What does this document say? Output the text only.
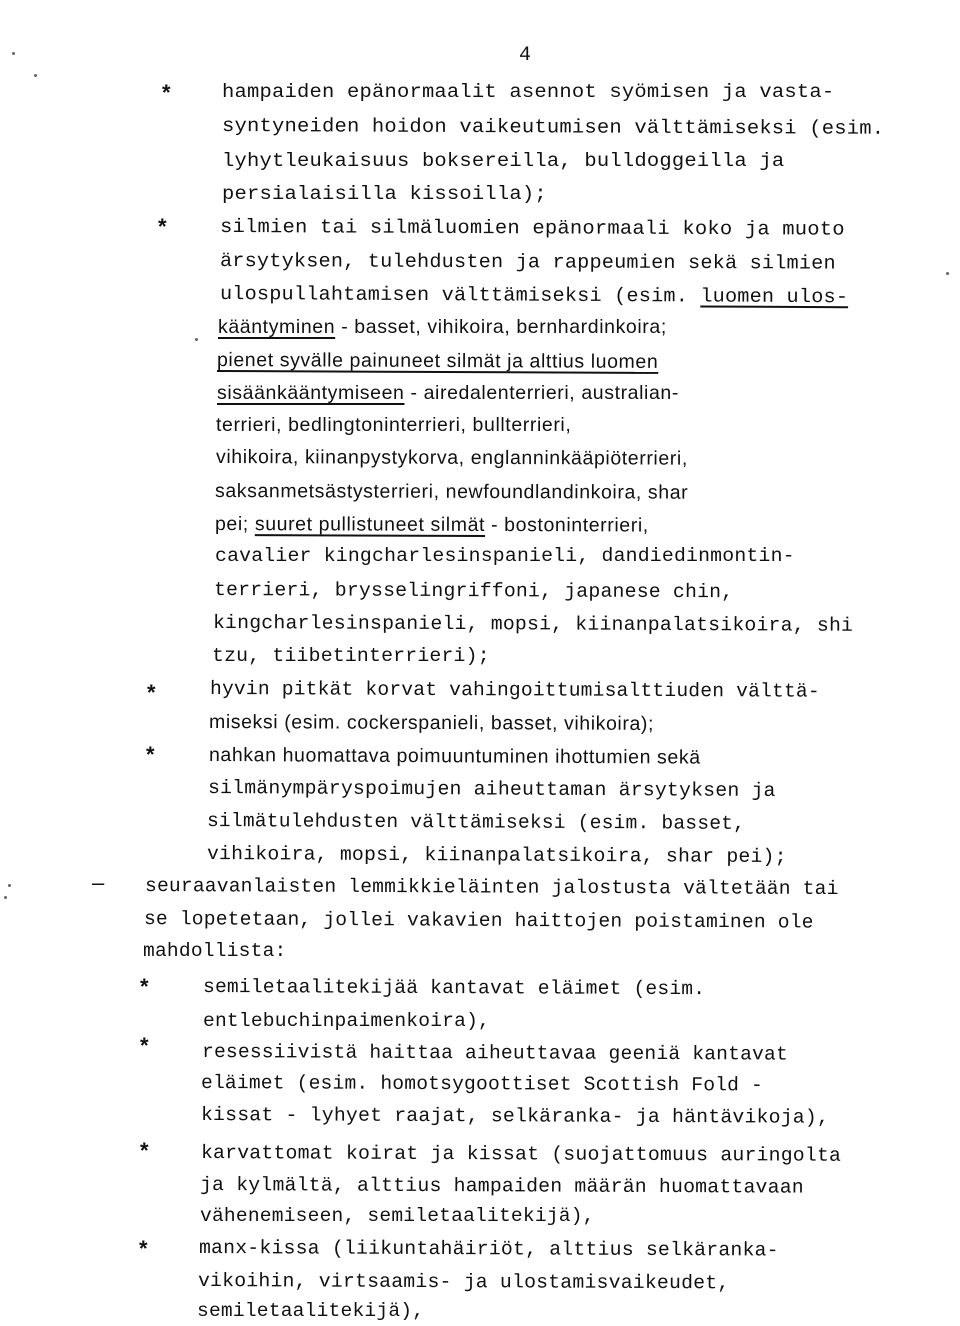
4
*
*
*
*
–
*
*
*
*
hampaiden epänormaalit asennot syömisen ja vasta-
syntyneiden hoidon vaikeutumisen välttämiseksi (esim.
lyhytleukaisuus boksereilla, bulldoggeilla ja
persialaisilla kissoilla);
silmien tai silmäluomien epänormaali koko ja muoto
ärsytyksen, tulehdusten ja rappeumien sekä silmien
ulospullahtamisen välttämiseksi (esim. luomen ulos-
kääntyminen - basset, vihikoira, bernhardinkoira;
pienet syvälle painuneet silmät ja alttius luomen
sisäänkääntymiseen - airedalenterrieri, australian-
terrieri, bedlingtoninterrieri, bullterrieri,
vihikoira, kiinanpystykorva, englanninkääpiöterrieri,
saksanmetsästysterrieri, newfoundlandinkoira, shar
pei; suuret pullistuneet silmät - bostoninterrieri,
cavalier kingcharlesinspanieli, dandiedinmontin-
terrieri, brysselingriffoni, japanese chin,
kingcharlesinspanieli, mopsi, kiinanpalatsikoira, shi
tzu, tiibetinterrieri);
hyvin pitkät korvat vahingoittumisalttiuden välttä-
miseksi (esim. cockerspanieli, basset, vihikoira);
nahkan huomattava poimuuntuminen ihottumien sekä
silmänympäryspoimujen aiheuttaman ärsytyksen ja
silmätulehdusten välttämiseksi (esim. basset,
vihikoira, mopsi, kiinanpalatsikoira, shar pei);
seuraavanlaisten lemmikkieläinten jalostusta vältetään tai
se lopetetaan, jollei vakavien haittojen poistaminen ole
mahdollista:
semiletaalitekijää kantavat eläimet (esim.
entlebuchinpaimenkoira),
resessiivistä haittaa aiheuttavaa geeniä kantavat
eläimet (esim. homotsygoottiset Scottish Fold -
kissat - lyhyet raajat, selkäranka- ja häntävikoja),
karvattomat koirat ja kissat (suojattomuus auringolta
ja kylmältä, alttius hampaiden määrän huomattavaan
vähenemiseen, semiletaalitekijä),
manx-kissa (liikuntahäiriöt, alttius selkäranka-
vikoihin, virtsaamis- ja ulostamisvaikeudet,
semiletaalitekijä),
